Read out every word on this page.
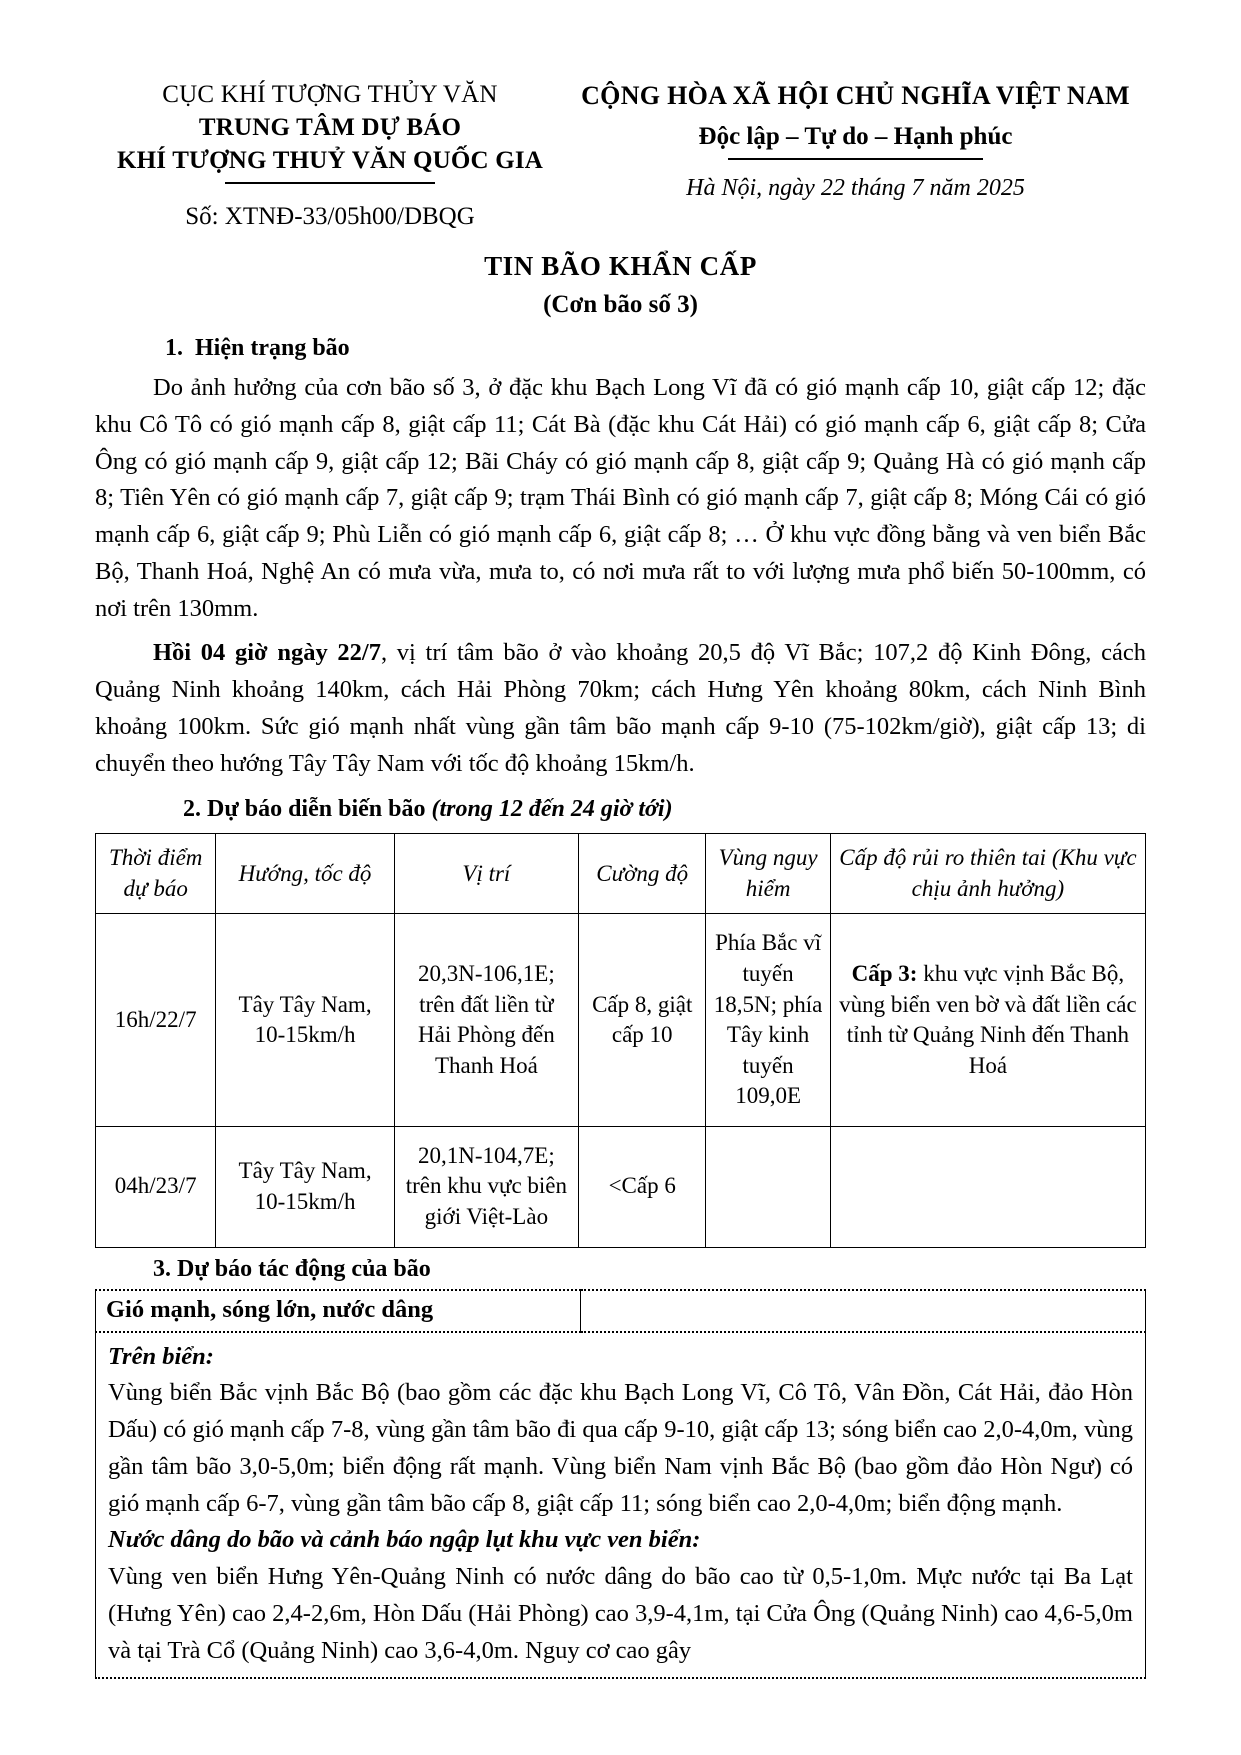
CỤC KHÍ TƯỢNG THỦY VĂN
TRUNG TÂM DỰ BÁO
KHÍ TƯỢNG THUỶ VĂN QUỐC GIA
Số: XTNĐ-33/05h00/DBQG
CỘNG HÒA XÃ HỘI CHỦ NGHĨA VIỆT NAM
Độc lập – Tự do – Hạnh phúc
Hà Nội, ngày 22 tháng 7 năm 2025
TIN BÃO KHẨN CẤP
(Cơn bão số 3)
1. Hiện trạng bão
Do ảnh hưởng của cơn bão số 3, ở đặc khu Bạch Long Vĩ đã có gió mạnh cấp 10, giật cấp 12; đặc khu Cô Tô có gió mạnh cấp 8, giật cấp 11; Cát Bà (đặc khu Cát Hải) có gió mạnh cấp 6, giật cấp 8; Cửa Ông có gió mạnh cấp 9, giật cấp 12; Bãi Cháy có gió mạnh cấp 8, giật cấp 9; Quảng Hà có gió mạnh cấp 8; Tiên Yên có gió mạnh cấp 7, giật cấp 9; trạm Thái Bình có gió mạnh cấp 7, giật cấp 8; Móng Cái có gió mạnh cấp 6, giật cấp 9; Phù Liễn có gió mạnh cấp 6, giật cấp 8; … Ở khu vực đồng bằng và ven biển Bắc Bộ, Thanh Hoá, Nghệ An có mưa vừa, mưa to, có nơi mưa rất to với lượng mưa phổ biến 50-100mm, có nơi trên 130mm.
Hồi 04 giờ ngày 22/7, vị trí tâm bão ở vào khoảng 20,5 độ Vĩ Bắc; 107,2 độ Kinh Đông, cách Quảng Ninh khoảng 140km, cách Hải Phòng 70km; cách Hưng Yên khoảng 80km, cách Ninh Bình khoảng 100km. Sức gió mạnh nhất vùng gần tâm bão mạnh cấp 9-10 (75-102km/giờ), giật cấp 13; di chuyển theo hướng Tây Tây Nam với tốc độ khoảng 15km/h.
2. Dự báo diễn biến bão (trong 12 đến 24 giờ tới)
Thời điểm dự báo	Hướng, tốc độ	Vị trí	Cường độ	Vùng nguy hiểm	Cấp độ rủi ro thiên tai (Khu vực chịu ảnh hưởng)
16h/22/7	Tây Tây Nam, 10-15km/h	20,3N-106,1E; trên đất liền từ Hải Phòng đến Thanh Hoá	Cấp 8, giật cấp 10	Phía Bắc vĩ tuyến 18,5N; phía Tây kinh tuyến 109,0E	Cấp 3: khu vực vịnh Bắc Bộ, vùng biển ven bờ và đất liền các tỉnh từ Quảng Ninh đến Thanh Hoá
04h/23/7	Tây Tây Nam, 10-15km/h	20,1N-104,7E; trên khu vực biên giới Việt-Lào	<Cấp 6		
3. Dự báo tác động của bão
Gió mạnh, sóng lớn, nước dâng	

Trên biển:
Vùng biển Bắc vịnh Bắc Bộ (bao gồm các đặc khu Bạch Long Vĩ, Cô Tô, Vân Đồn, Cát Hải, đảo Hòn Dấu) có gió mạnh cấp 7-8, vùng gần tâm bão đi qua cấp 9-10, giật cấp 13; sóng biển cao 2,0-4,0m, vùng gần tâm bão 3,0-5,0m; biển động rất mạnh. Vùng biển Nam vịnh Bắc Bộ (bao gồm đảo Hòn Ngư) có gió mạnh cấp 6-7, vùng gần tâm bão cấp 8, giật cấp 11; sóng biển cao 2,0-4,0m; biển động mạnh.
Nước dâng do bão và cảnh báo ngập lụt khu vực ven biển:
Vùng ven biển Hưng Yên-Quảng Ninh có nước dâng do bão cao từ 0,5-1,0m. Mực nước tại Ba Lạt (Hưng Yên) cao 2,4-2,6m, Hòn Dấu (Hải Phòng) cao 3,9-4,1m, tại Cửa Ông (Quảng Ninh) cao 4,6-5,0m và tại Trà Cổ (Quảng Ninh) cao 3,6-4,0m. Nguy cơ cao gây
